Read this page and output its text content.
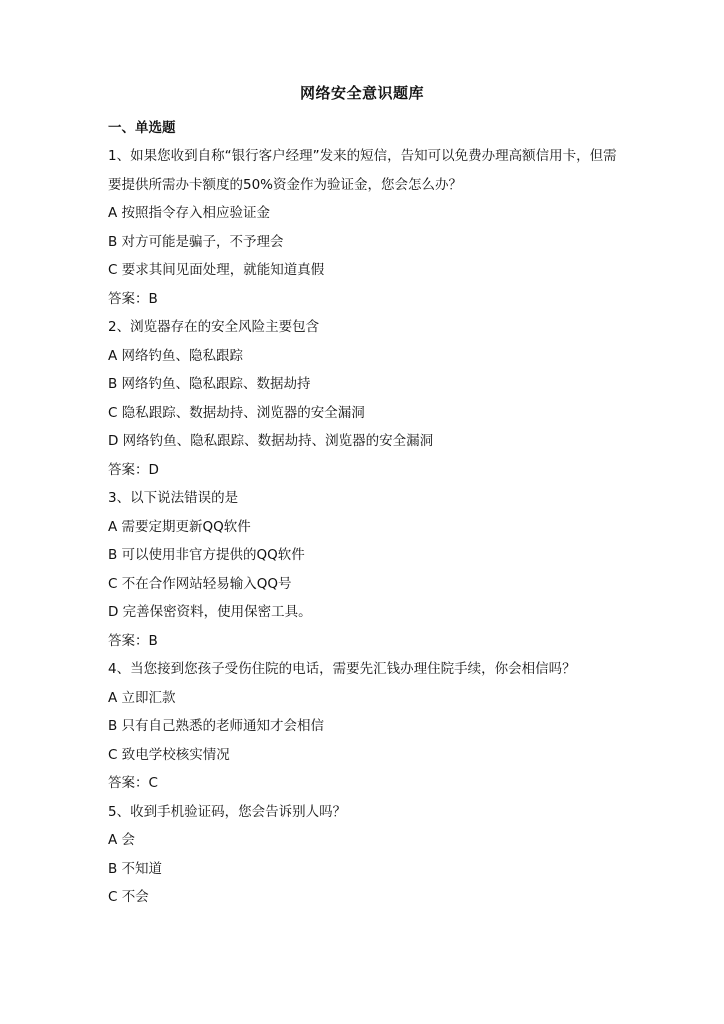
网络安全意识题库
一、单选题
1、如果您收到自称“银行客户经理”发来的短信，告知可以免费办理高额信用卡，但需要提供所需办卡额度的50%资金作为验证金，您会怎么办？
A 按照指令存入相应验证金
B 对方可能是骗子，不予理会
C 要求其间见面处理，就能知道真假
答案：B
2、浏览器存在的安全风险主要包含
A 网络钓鱼、隐私跟踪
B 网络钓鱼、隐私跟踪、数据劫持
C 隐私跟踪、数据劫持、浏览器的安全漏洞
D 网络钓鱼、隐私跟踪、数据劫持、浏览器的安全漏洞
答案：D
3、以下说法错误的是
A 需要定期更新QQ软件
B 可以使用非官方提供的QQ软件
C 不在合作网站轻易输入QQ号
D 完善保密资料，使用保密工具。
答案：B
4、当您接到您孩子受伤住院的电话，需要先汇钱办理住院手续，你会相信吗？
A 立即汇款
B 只有自己熟悉的老师通知才会相信
C 致电学校核实情况
答案：C
5、收到手机验证码，您会告诉别人吗？
A 会
B 不知道
C 不会
